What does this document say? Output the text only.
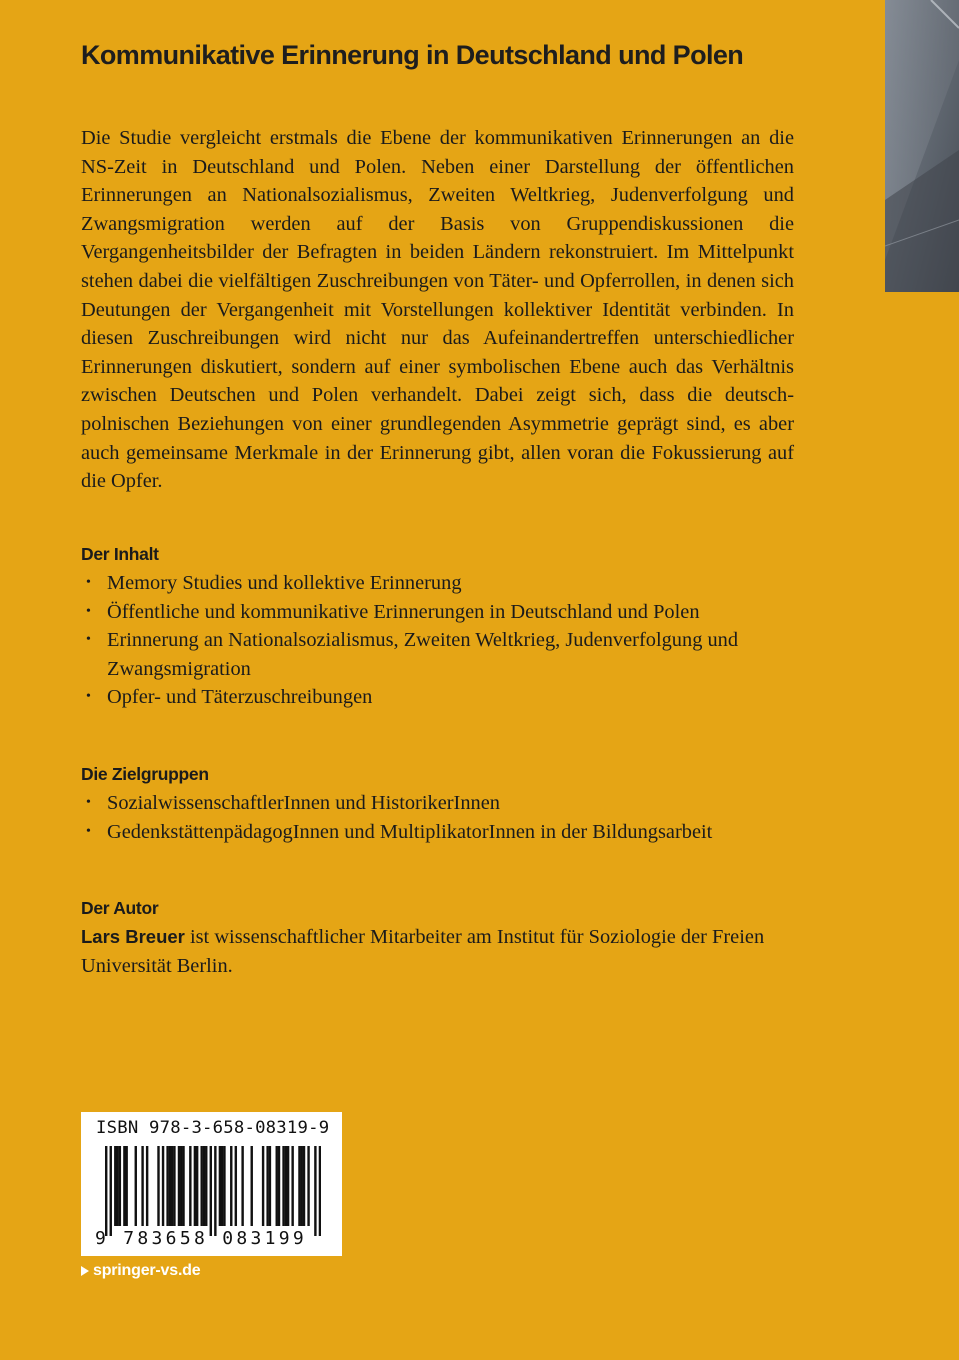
Kommunikative Erinnerung in Deutschland und Polen

Die Studie vergleicht erstmals die Ebene der kommunikativen Erinnerungen an die NS-Zeit in Deutschland und Polen. Neben einer Darstellung der öffentlichen Erinnerungen an Nationalsozialismus, Zweiten Weltkrieg, Judenverfolgung und Zwangsmigration werden auf der Basis von Gruppendiskussionen die Vergangenheitsbilder der Befragten in beiden Ländern rekonstruiert. Im Mittelpunkt stehen dabei die vielfältigen Zuschreibungen von Täter- und Opferrollen, in denen sich Deutungen der Vergangenheit mit Vorstellungen kollektiver Identität verbinden. In diesen Zuschreibungen wird nicht nur das Aufeinandertreffen unterschiedlicher Erinnerungen diskutiert, sondern auf einer symbolischen Ebene auch das Verhältnis zwischen Deutschen und Polen verhandelt. Dabei zeigt sich, dass die deutsch-polnischen Beziehungen von einer grundlegenden Asymmetrie geprägt sind, es aber auch gemeinsame Merkmale in der Erinnerung gibt, allen voran die Fokussierung auf die Opfer.

Der Inhalt
• Memory Studies und kollektive Erinnerung
• Öffentliche und kommunikative Erinnerungen in Deutschland und Polen
• Erinnerung an Nationalsozialismus, Zweiten Weltkrieg, Judenverfolgung und Zwangsmigration
• Opfer- und Täterzuschreibungen
Die Zielgruppen
• SozialwissenschaftlerInnen und HistorikerInnen
• GedenkstättenpädagogInnen und MultiplikatorInnen in der Bildungsarbeit
Der Autor

Lars Breuer ist wissenschaftlicher Mitarbeiter am Institut für Soziologie der Freien Universität Berlin.

ISBN 978-3-658-08319-9
9 783658 083199
springer-vs.de
